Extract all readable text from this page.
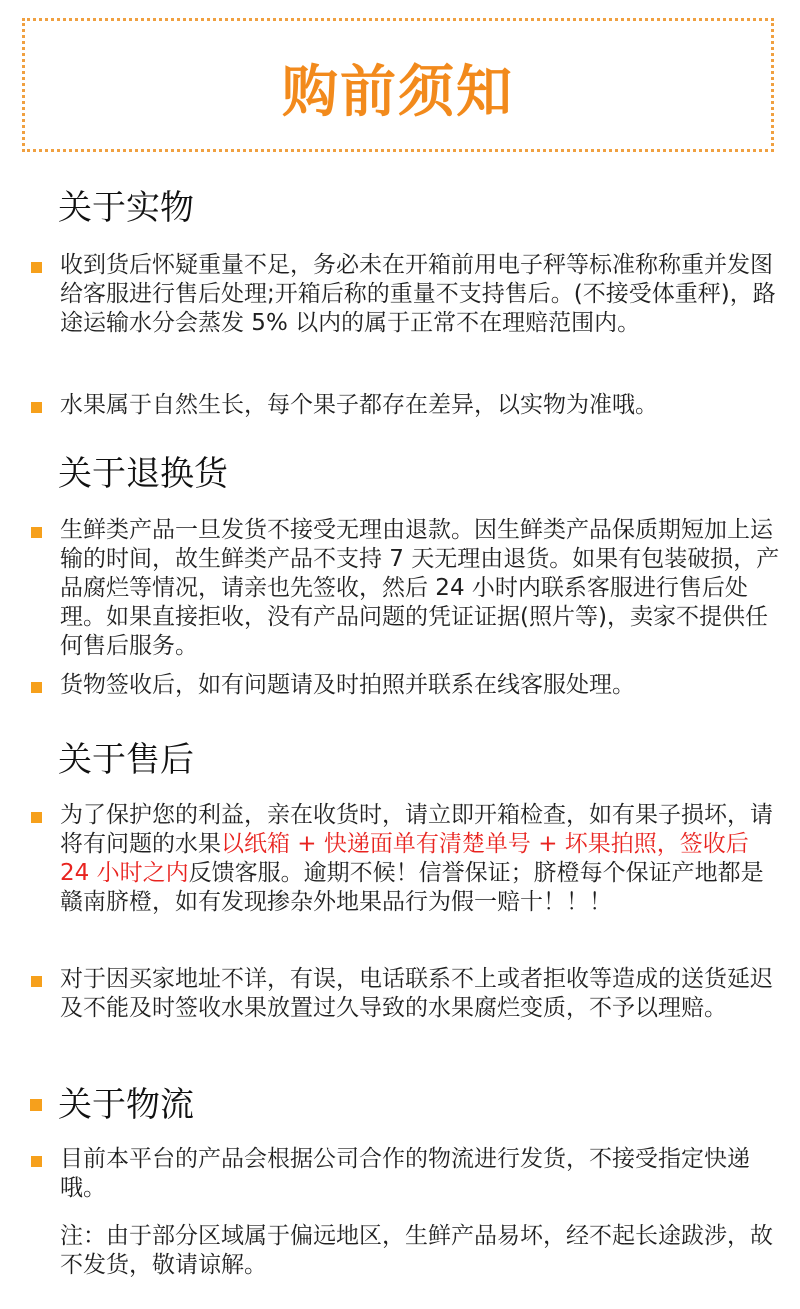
购前须知
关于实物
收到货后怀疑重量不足，务必未在开箱前用电子秤等标准称称重并发图给客服进行售后处理;开箱后称的重量不支持售后。(不接受体重秤)，路途运输水分会蒸发 5% 以内的属于正常不在理赔范围内。
水果属于自然生长，每个果子都存在差异，以实物为准哦。
关于退换货
生鲜类产品一旦发货不接受无理由退款。因生鲜类产品保质期短加上运输的时间，故生鲜类产品不支持 7 天无理由退货。如果有包装破损，产品腐烂等情况，请亲也先签收，然后 24 小时内联系客服进行售后处理。如果直接拒收，没有产品问题的凭证证据(照片等)，卖家不提供任何售后服务。
货物签收后，如有问题请及时拍照并联系在线客服处理。
关于售后
为了保护您的利益，亲在收货时，请立即开箱检查，如有果子损坏，请将有问题的水果以纸箱 + 快递面单有清楚单号 + 坏果拍照，签收后 24 小时之内反馈客服。逾期不候！信誉保证；脐橙每个保证产地都是赣南脐橙，如有发现掺杂外地果品行为假一赔十！！！
对于因买家地址不详，有误，电话联系不上或者拒收等造成的送货延迟及不能及时签收水果放置过久导致的水果腐烂变质，不予以理赔。
关于物流
目前本平台的产品会根据公司合作的物流进行发货，不接受指定快递哦。
注：由于部分区域属于偏远地区，生鲜产品易坏，经不起长途跋涉，故不发货，敬请谅解。
